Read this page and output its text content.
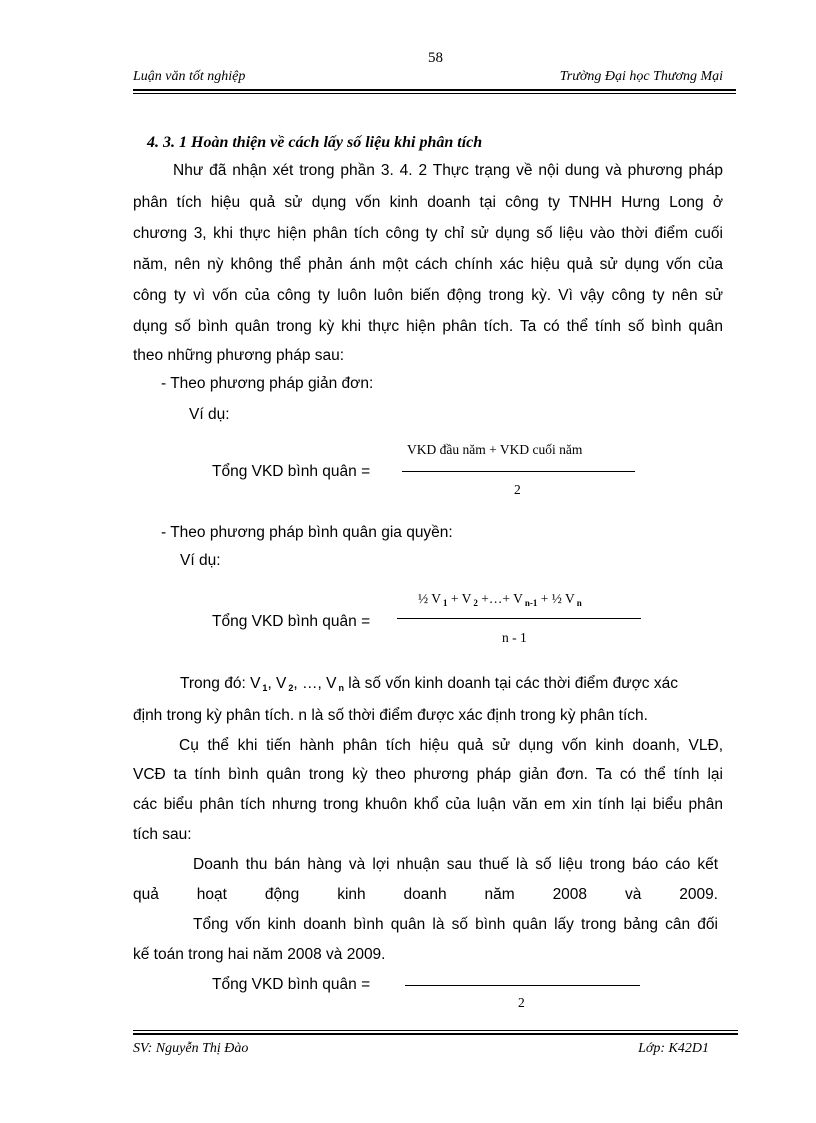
58
Luận văn tốt nghiệp	Trường Đại học Thương Mại
4. 3. 1 Hoàn thiện về cách lấy số liệu khi phân tích
Như đã nhận xét trong phần 3. 4. 2 Thực trạng về nội dung và phương pháp
phân tích hiệu quả sử dụng vốn kinh doanh tại công ty TNHH Hưng Long ở
chương 3, khi thực hiện phân tích công ty chỉ sử dụng số liệu vào thời điểm cuối
năm, nên nỳ không thể phản ánh một cách chính xác hiệu quả sử dụng vốn của
công ty vì vốn của công ty luôn luôn biến động trong kỳ. Vì vậy công ty nên sử
dụng số bình quân trong kỳ khi thực hiện phân tích. Ta có thể tính số bình quân
theo những phương pháp sau:
- Theo phương pháp giản đơn:
Ví dụ:
Tổng VKD bình quân =
VKD đầu năm + VKD cuối năm
2
- Theo phương pháp bình quân gia quyền:
Ví dụ:
Tổng VKD bình quân =
½ V $_1$ + V $_2$ +…+ V $_{n-1}$ + ½ V $_n$
n - 1
Trong đó: V $_1$, V $_2$, …, V $_n$ là số vốn kinh doanh tại các thời điểm được xác
định trong kỳ phân tích. n là số thời điểm được xác định trong kỳ phân tích.
Cụ thể khi tiến hành phân tích hiệu quả sử dụng vốn kinh doanh, VLĐ,
VCĐ ta tính bình quân trong kỳ theo phương pháp giản đơn. Ta có thể tính lại
các biểu phân tích nhưng trong khuôn khổ của luận văn em xin tính lại biểu phân
tích sau:
Doanh thu bán hàng và lợi nhuận sau thuế là số liệu trong báo cáo kết
quả hoạt động kinh doanh năm 2008 và 2009.
Tổng vốn kinh doanh bình quân là số bình quân lấy trong bảng cân đối
kế toán trong hai năm 2008 và 2009.
Tổng VKD bình quân =
2
SV: Nguyễn Thị Đào	Lớp: K42D1
